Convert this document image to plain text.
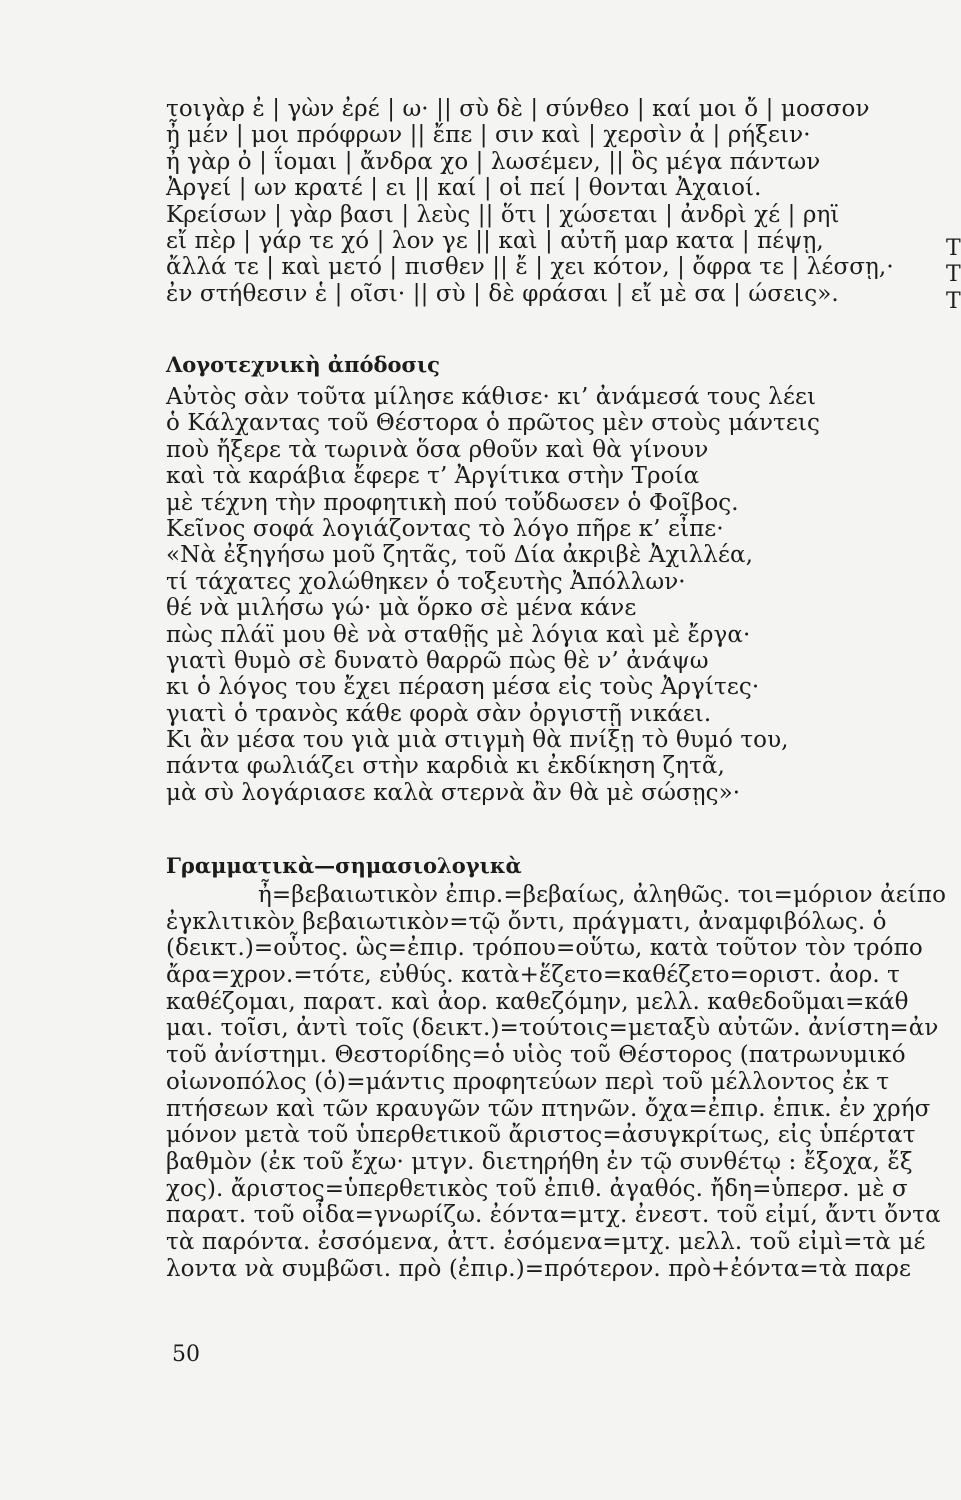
τοιγὰρ ἐ | γὼν ἐρέ | ω· || σὺ δὲ | σύνθεο | καί μοι ὄ | μοσσον
ἦ μέν | μοι πρόφρων || ἔπε | σιν καὶ | χερσὶν ἀ | ρήξειν·
ἦ γὰρ ὀ | ΐομαι | ἄνδρα χο | λωσέμεν, || ὃς μέγα πάντων
Ἀργεί | ων κρατέ | ει || καί | οἱ πεί | θονται Ἀχαιοί.
Κρείσων | γὰρ βασι | λεὺς || ὅτι | χώσεται | ἀνδρὶ χέ | ρηϊ
εἴ πὲρ | γάρ τε χό | λον γε || καὶ | αὐτῆ μαρ κατα | πέψῃ,
ἄλλά τε | καὶ μετό | πισθεν || ἔ | χει κότον, | ὄφρα τε | λέσσῃ,·
ἐν στήθεσιν ἑ | οῖσι· || σὺ | δὲ φράσαι | εἴ μὲ σα | ώσεις».
T
T
T
Λογοτεχνικὴ ἀπόδοσις
Αὐτὸς σὰν τοῦτα μίλησε κάθισε· κι’ ἀνάμεσά τους λέει
ὁ Κάλχαντας τοῦ Θέστορα ὁ πρῶτος μὲν στοὺς μάντεις
ποὺ ἤξερε τὰ τωρινὰ ὅσα ρθοῦν καὶ θὰ γίνουν
καὶ τὰ καράβια ἔφερε τ’ Ἀργίτικα στὴν Τροία
μὲ τέχνη τὴν προφητικὴ πού τοὔδωσεν ὁ Φοῖβος.
Κεῖνος σοφά λογιάζοντας τὸ λόγο πῆρε κ’ εἶπε·
«Νὰ ἐξηγήσω μοῦ ζητᾶς, τοῦ Δία ἀκριβὲ Ἀχιλλέα,
τί τάχατες χολώθηκεν ὁ τοξευτὴς Ἀπόλλων·
θέ νὰ μιλήσω γώ· μὰ ὅρκο σὲ μένα κάνε
πὼς πλάϊ μου θὲ νὰ σταθῇς μὲ λόγια καὶ μὲ ἔργα·
γιατὶ θυμὸ σὲ δυνατὸ θαρρῶ πὼς θὲ ν’ ἀνάψω
κι ὁ λόγος του ἔχει πέραση μέσα εἰς τοὺς Ἀργίτες·
γιατὶ ὁ τρανὸς κάθε φορὰ σὰν ὀργιστῇ νικάει.
Κι ἂν μέσα του γιὰ μιὰ στιγμὴ θὰ πνίξῃ τὸ θυμό του,
πάντα φωλιάζει στὴν καρδιὰ κι ἐκδίκηση ζητᾶ,
μὰ σὺ λογάριασε καλὰ στερνὰ ἂν θὰ μὲ σώσῃς»·
Γραμματικὰ—σημασιολογικὰ
ἦ=βεβαιωτικὸν ἐπιρ.=βεβαίως, ἀληθῶς. τοι=μόριον ἀείπο
ἐγκλιτικὸν βεβαιωτικὸν=τῷ ὄντι, πράγματι, ἀναμφιβόλως. ὁ
(δεικτ.)=οὗτος. ὣς=ἐπιρ. τρόπου=οὕτω, κατὰ τοῦτον τὸν τρόπο
ἄρα=χρον.=τότε, εὐθύς. κατὰ+ἕζετο=καθέζετο=οριστ. ἀορ. τ
καθέζομαι, παρατ. καὶ ἀορ. καθεζόμην, μελλ. καθεδοῦμαι=κάθ
μαι. τοῖσι, ἀντὶ τοῖς (δεικτ.)=τούτοις=μεταξὺ αὐτῶν. ἀνίστη=ἀν
τοῦ ἀνίστημι. Θεστορίδης=ὁ υἱὸς τοῦ Θέστορος (πατρωνυμικό
οἰωνοπόλος (ὁ)=μάντις προφητεύων περὶ τοῦ μέλλοντος ἐκ τ
πτήσεων καὶ τῶν κραυγῶν τῶν πτηνῶν. ὄχα=ἐπιρ. ἐπικ. ἐν χρήσ
μόνον μετὰ τοῦ ὑπερθετικοῦ ἄριστος=ἀσυγκρίτως, εἰς ὑπέρτατ
βαθμὸν (ἐκ τοῦ ἔχω· μτγν. διετηρήθη ἐν τῷ συνθέτῳ : ἔξοχα, ἔξ
χος). ἄριστος=ὑπερθετικὸς τοῦ ἐπιθ. ἀγαθός. ἤδη=ὑπερσ. μὲ σ
παρατ. τοῦ οἶδα=γνωρίζω. ἐόντα=μτχ. ἐνεστ. τοῦ εἰμί, ἄντι ὄντα
τὰ παρόντα. ἐσσόμενα, ἀττ. ἐσόμενα=μτχ. μελλ. τοῦ εἰμὶ=τὰ μέ
λοντα νὰ συμβῶσι. πρὸ (ἐπιρ.)=πρότερον. πρὸ+ἐόντα=τὰ παρε
50
